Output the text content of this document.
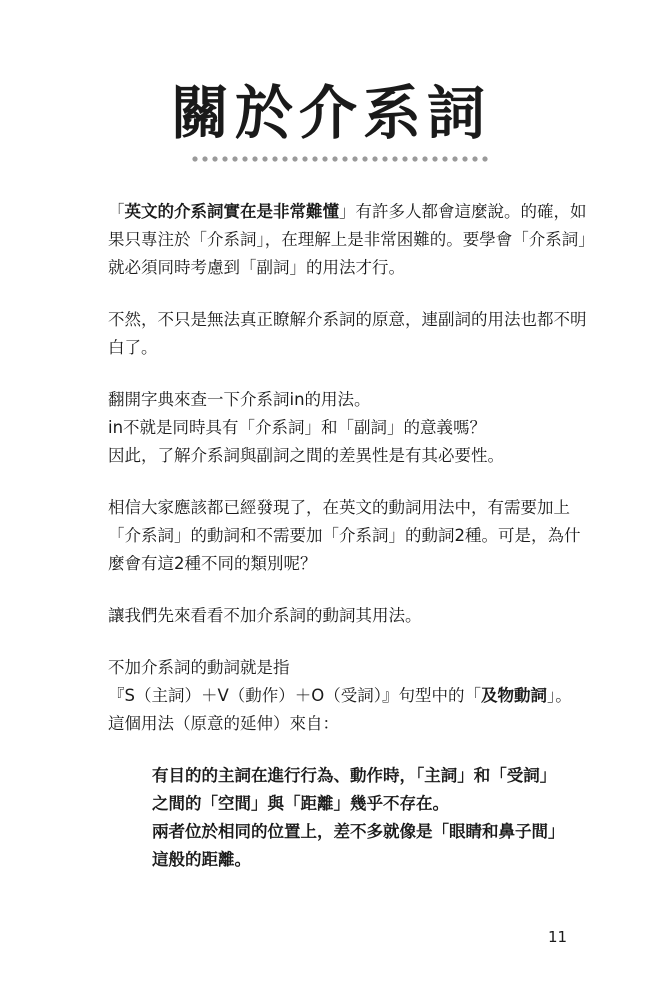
關於介系詞

「英文的介系詞實在是非常難懂」有許多人都會這麼說。的確，如果只專注於「介系詞」，在理解上是非常困難的。要學會「介系詞」就必須同時考慮到「副詞」的用法才行。

不然，不只是無法真正瞭解介系詞的原意，連副詞的用法也都不明白了。

翻開字典來查一下介系詞in的用法。
in不就是同時具有「介系詞」和「副詞」的意義嗎？
因此，了解介系詞與副詞之間的差異性是有其必要性。

相信大家應該都已經發現了，在英文的動詞用法中，有需要加上「介系詞」的動詞和不需要加「介系詞」的動詞2種。可是，為什麼會有這2種不同的類別呢？

讓我們先來看看不加介系詞的動詞其用法。

不加介系詞的動詞就是指
『S（主詞）＋V（動作）＋O（受詞）』句型中的「及物動詞」。這個用法（原意的延伸）來自：

有目的的主詞在進行行為、動作時，「主詞」和「受詞」
之間的「空間」與「距離」幾乎不存在。
兩者位於相同的位置上，差不多就像是「眼睛和鼻子間」
這般的距離。
11
